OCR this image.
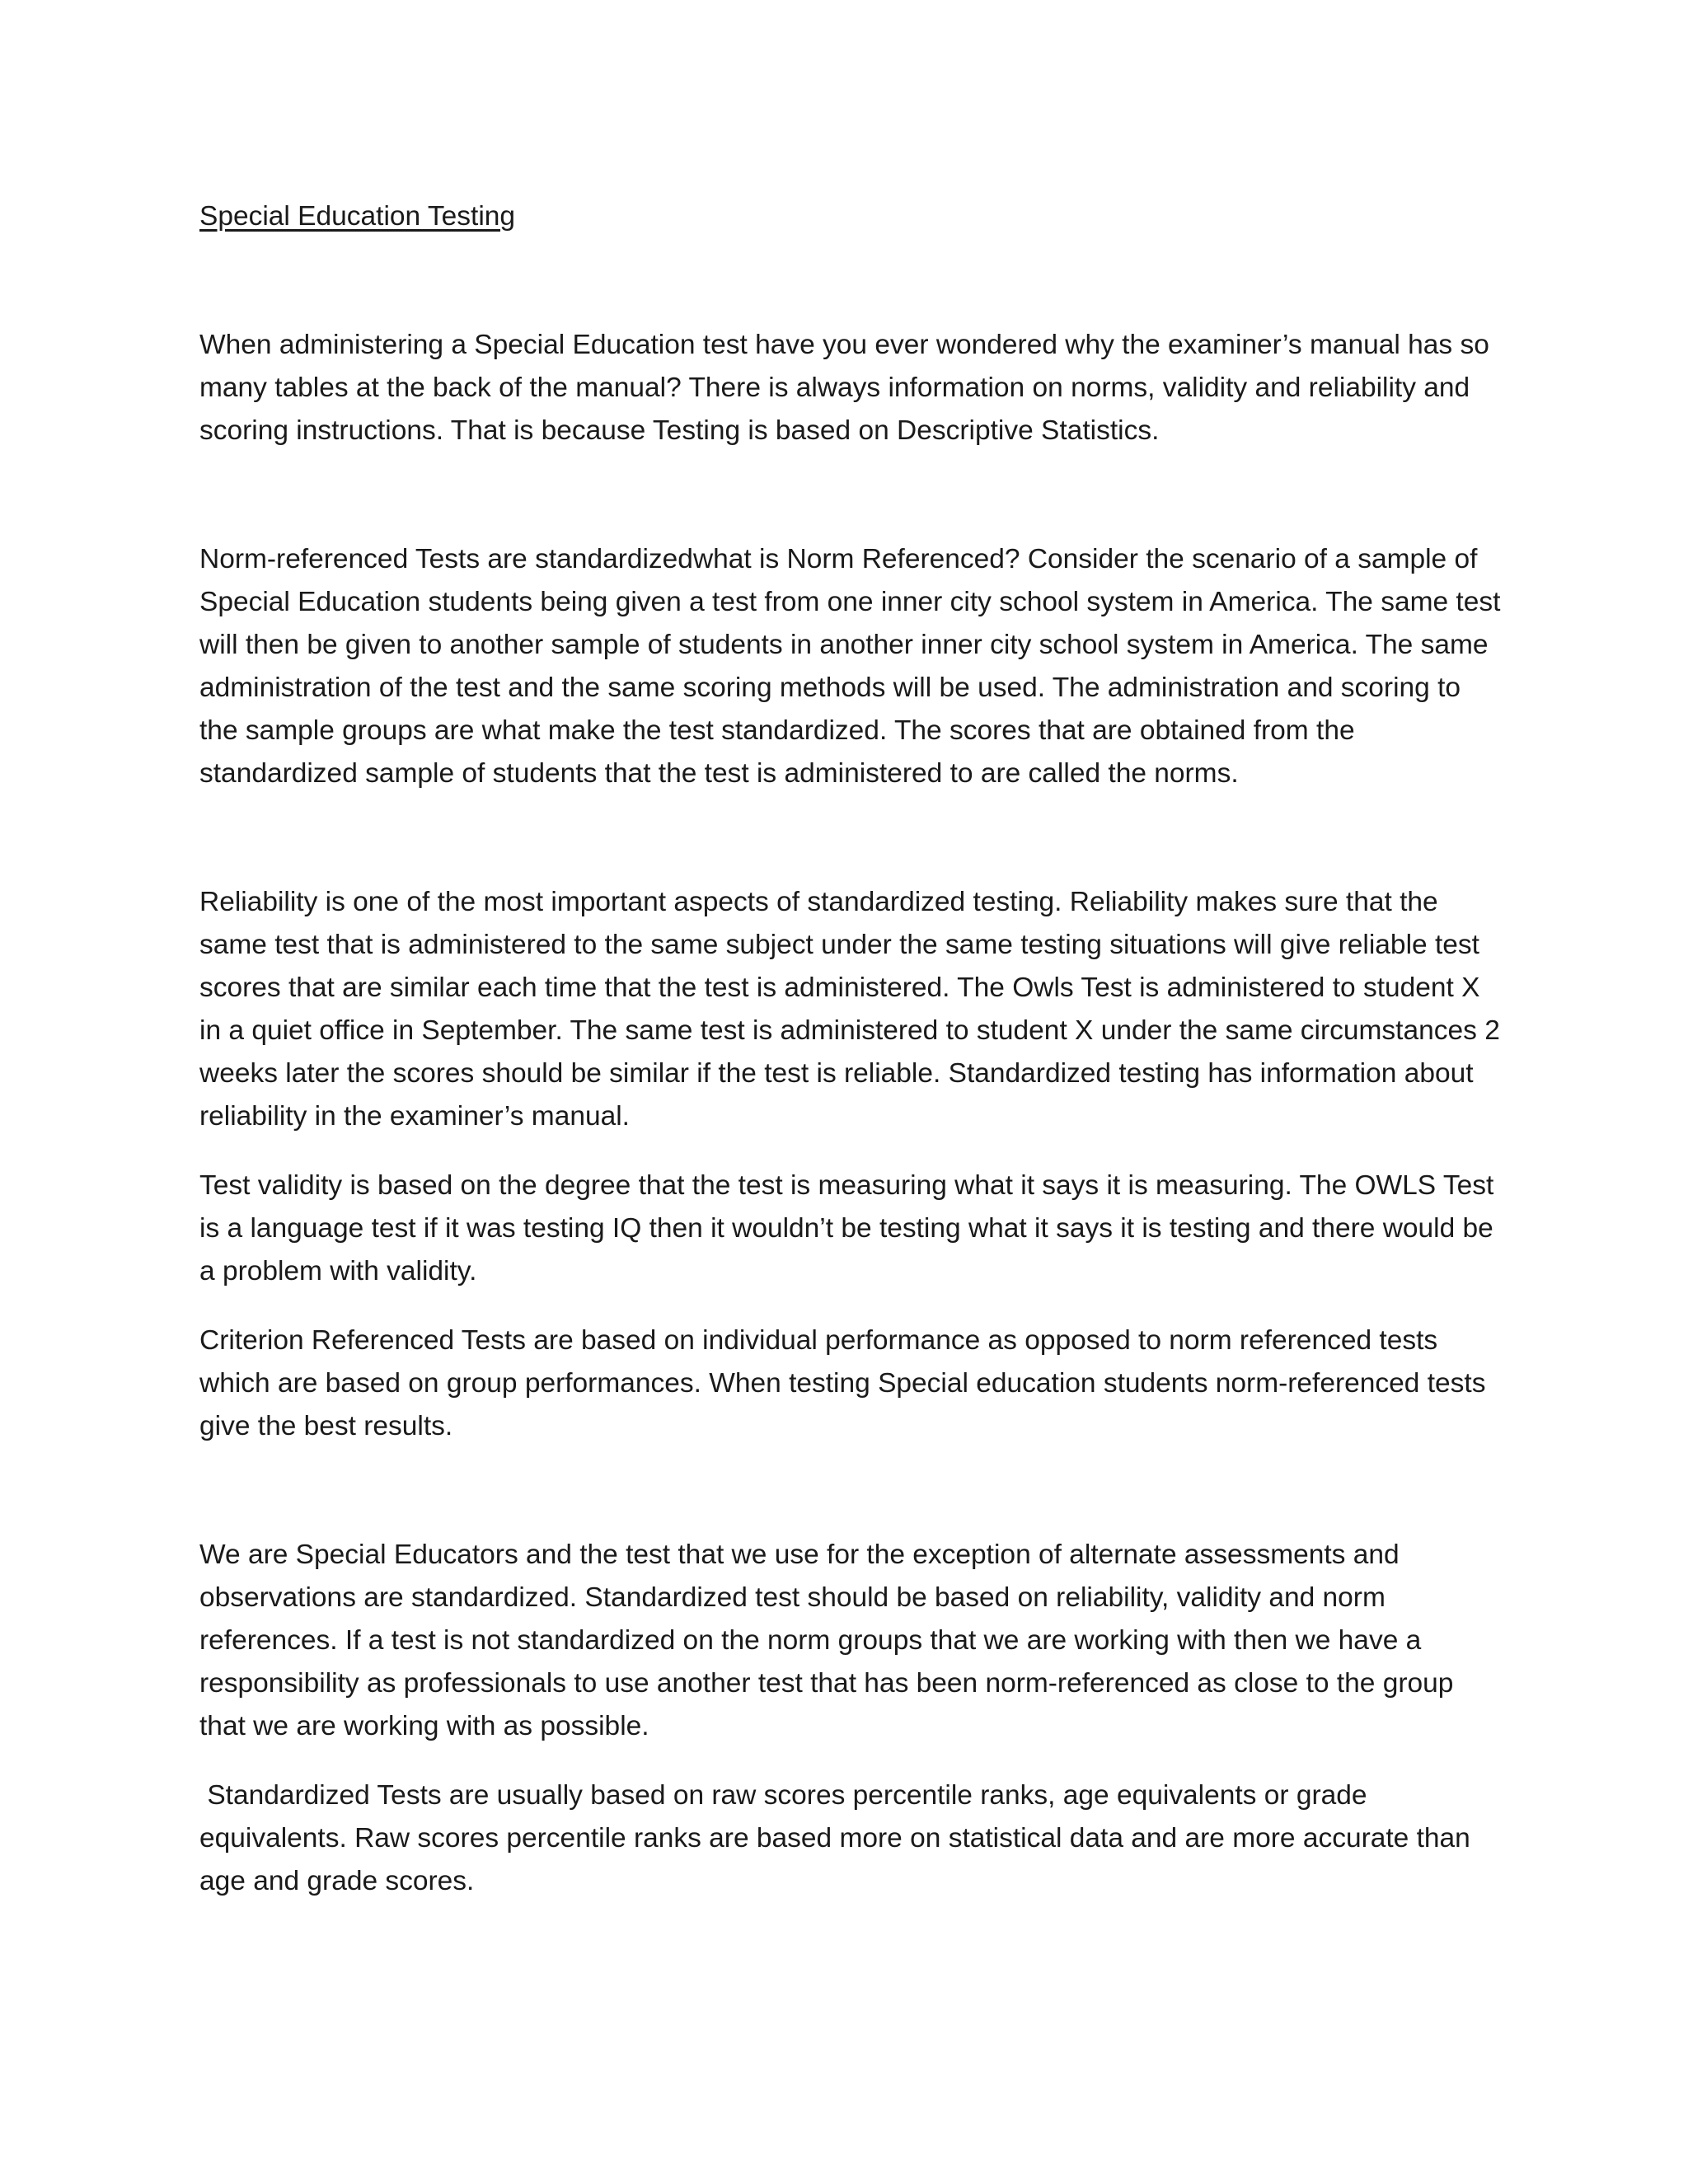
Special Education Testing

When administering a Special Education test have you ever wondered why the examiner’s manual has so many tables at the back of the manual? There is always information on norms, validity and reliability and scoring instructions. That is because Testing is based on Descriptive Statistics.

Norm-referenced Tests are standardizedwhat is Norm Referenced? Consider the scenario of a sample of Special Education students being given a test from one inner city school system in America. The same test will then be given to another sample of students in another inner city school system in America. The same administration of the test and the same scoring methods will be used. The administration and scoring to the sample groups are what make the test standardized. The scores that are obtained from the standardized sample of students that the test is administered to are called the norms.

Reliability is one of the most important aspects of standardized testing. Reliability makes sure that the same test that is administered to the same subject under the same testing situations will give reliable test scores that are similar each time that the test is administered. The Owls Test is administered to student X in a quiet office in September. The same test is administered to student X under the same circumstances 2 weeks later the scores should be similar if the test is reliable. Standardized testing has information about reliability in the examiner’s manual.

Test validity is based on the degree that the test is measuring what it says it is measuring. The OWLS Test is a language test if it was testing IQ then it wouldn’t be testing what it says it is testing and there would be a problem with validity.

Criterion Referenced Tests are based on individual performance as opposed to norm referenced tests which are based on group performances. When testing Special education students norm-referenced tests give the best results.

We are Special Educators and the test that we use for the exception of alternate assessments and observations are standardized. Standardized test should be based on reliability, validity and norm references. If a test is not standardized on the norm groups that we are working with then we have a responsibility as professionals to use another test that has been norm-referenced as close to the group that we are working with as possible.

Standardized Tests are usually based on raw scores percentile ranks, age equivalents or grade equivalents. Raw scores percentile ranks are based more on statistical data and are more accurate than age and grade scores.
